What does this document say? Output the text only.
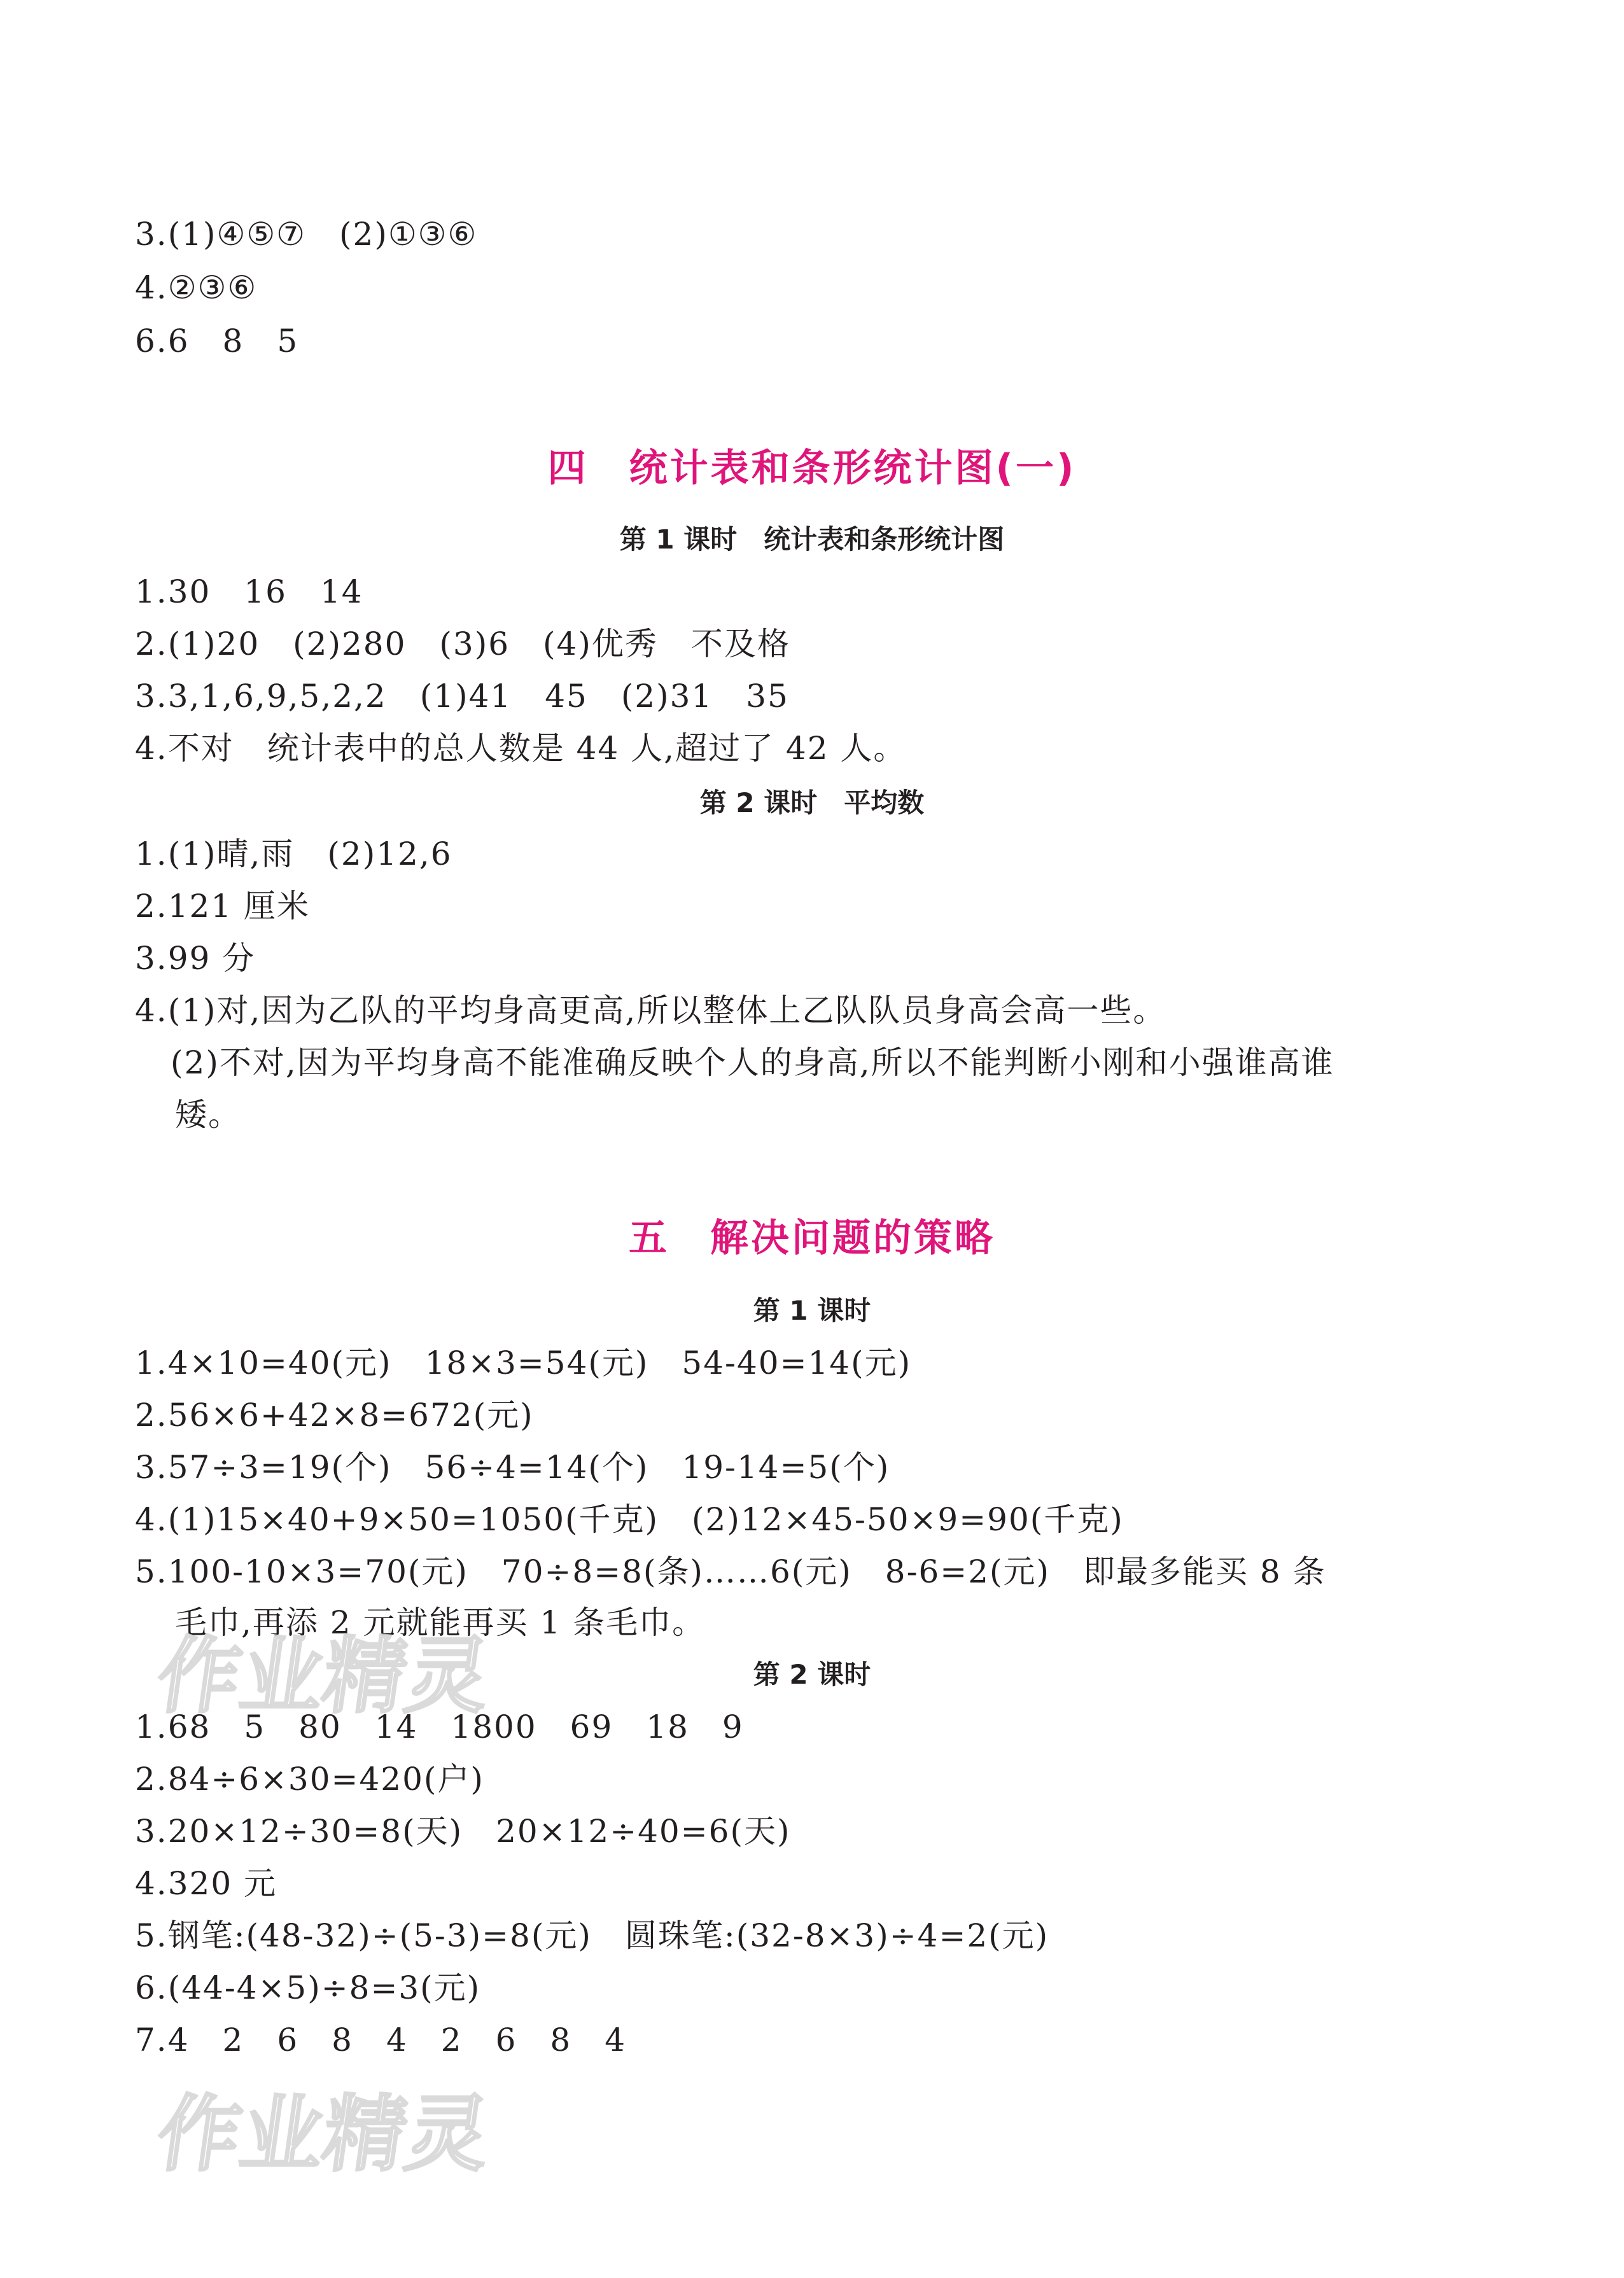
3.(1)④⑤⑦　(2)①③⑥
4.②③⑥
6.6　8　5
四　统计表和条形统计图(一)
第 1 课时　统计表和条形统计图
1.30　16　14
2.(1)20　(2)280　(3)6　(4)优秀　不及格
3.3,1,6,9,5,2,2　(1)41　45　(2)31　35
4.不对　统计表中的总人数是 44 人,超过了 42 人。
第 2 课时　平均数
1.(1)晴,雨　(2)12,6
2.121 厘米
3.99 分
4.(1)对,因为乙队的平均身高更高,所以整体上乙队队员身高会高一些。
(2)不对,因为平均身高不能准确反映个人的身高,所以不能判断小刚和小强谁高谁
矮。
五　解决问题的策略
第 1 课时
1.4×10=40(元)　18×3=54(元)　54-40=14(元)
2.56×6+42×8=672(元)
3.57÷3=19(个)　56÷4=14(个)　19-14=5(个)
4.(1)15×40+9×50=1050(千克)　(2)12×45-50×9=90(千克)
5.100-10×3=70(元)　70÷8=8(条)……6(元)　8-6=2(元)　即最多能买 8 条
毛巾,再添 2 元就能再买 1 条毛巾。
第 2 课时
1.68　5　80　14　1800　69　18　9
2.84÷6×30=420(户)
3.20×12÷30=8(天)　20×12÷40=6(天)
4.320 元
5.钢笔:(48-32)÷(5-3)=8(元)　圆珠笔:(32-8×3)÷4=2(元)
6.(44-4×5)÷8=3(元)
7.4　2　6　8　4　2　6　8　4
作业精灵
作业精灵
